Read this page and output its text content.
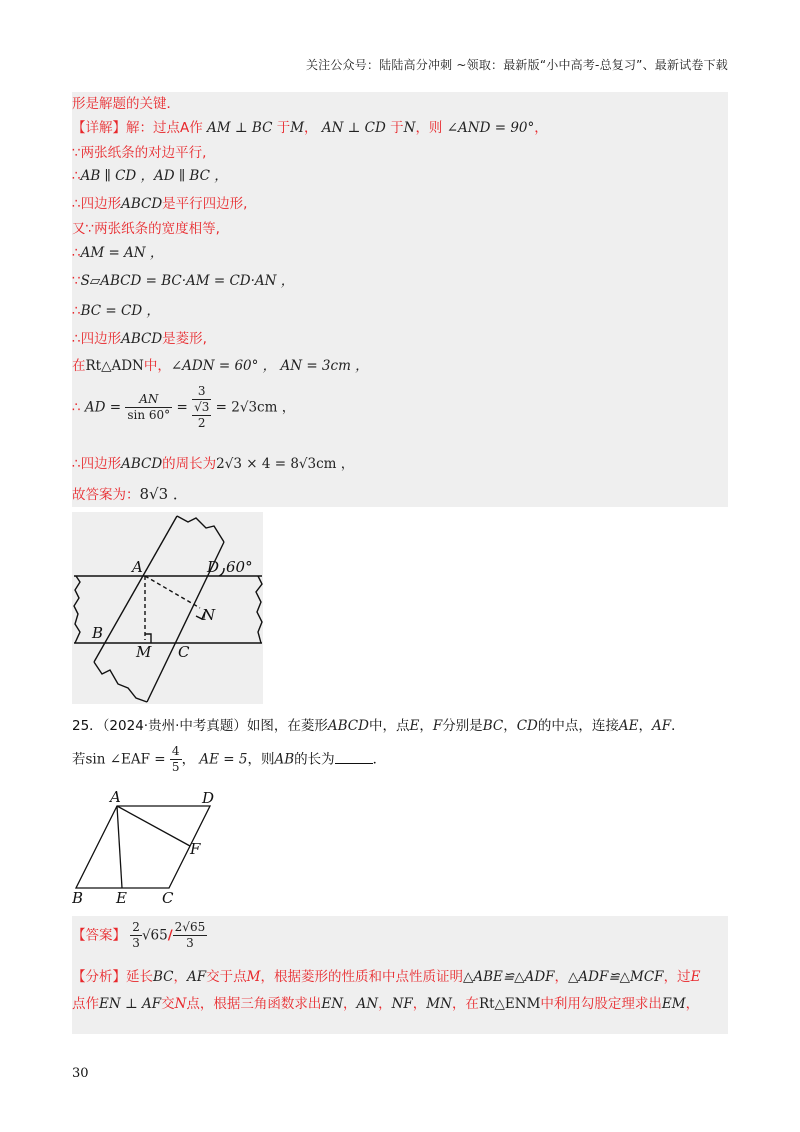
关注公众号：陆陆高分冲刺 ~领取：最新版“小中高考-总复习”、最新试卷下载
形是解题的关键．
【详解】解：过点A作 AM ⊥ BC 于M， AN ⊥ CD 于N，则 ∠AND = 90°，
∵两张纸条的对边平行,
∴AB ∥ CD ，AD ∥ BC ，
∴四边形ABCD是平行四边形,
又∵两张纸条的宽度相等,
∴AM = AN ，
∵S▱ABCD = BC·AM = CD·AN ，
∴BC = CD ，
∴四边形ABCD是菱形,
在Rt△ADN中，∠ADN = 60° ， AN = 3cm ，
∴ AD = $\frac{AN}{\sin 60^\circ}$ =
3
√3
2
= 2√3cm ，
∴四边形ABCD的周长为2√3 × 4 = 8√3cm ，
故答案为：8√3 ．
A	D
B
M C
N
60°
25．（2024·贵州·中考真题）如图，在菱形ABCD中，点E，F分别是BC，CD的中点，连接AE，AF．
若sin ∠EAF = $\frac{4}{5}$ ， AE = 5，则AB的长为	．
A	D
F
B E C
【答案】 $\frac{2}{3} √65/ \frac{2√65}{3}$
【分析】延长BC，AF交于点M，根据菱形的性质和中点性质证明△ABE≌△ADF，△ADF≌△MCF，过E
点作EN ⊥ AF交N点，根据三角函数求出EN，AN，NF，MN，在Rt△ENM中利用勾股定理求出EM，
30
